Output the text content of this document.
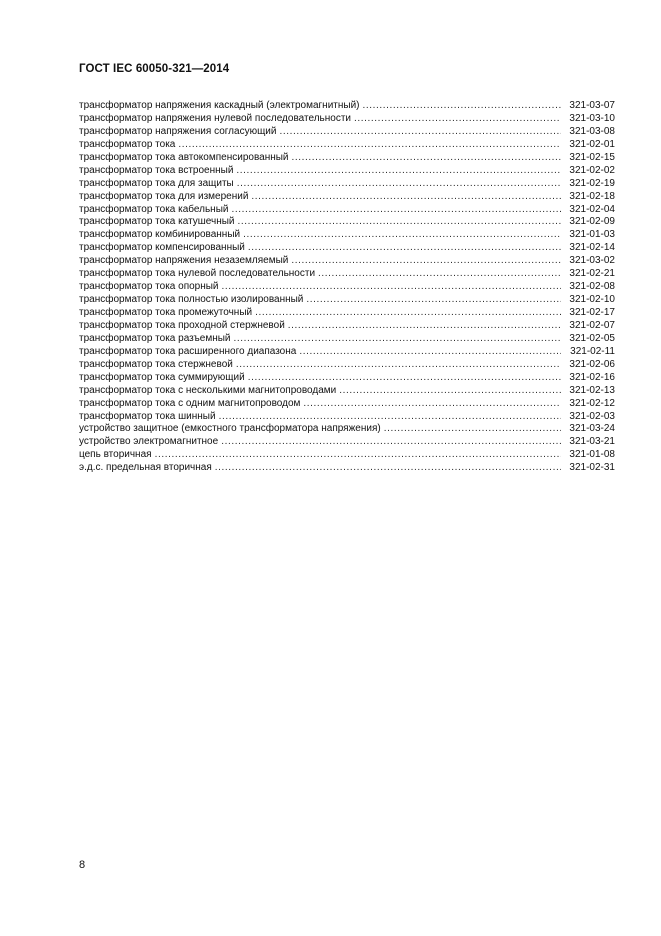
ГОСТ IEC 60050-321—2014
трансформатор напряжения каскадный (электромагнитный) .....	321-03-07
трансформатор напряжения нулевой последовательности .....	321-03-10
трансформатор напряжения согласующий .....	321-03-08
трансформатор тока .....	321-02-01
трансформатор тока автокомпенсированный .....	321-02-15
трансформатор тока встроенный .....	321-02-02
трансформатор тока для защиты .....	321-02-19
трансформатор тока для измерений .....	321-02-18
трансформатор тока кабельный .....	321-02-04
трансформатор тока катушечный .....	321-02-09
трансформатор комбинированный .....	321-01-03
трансформатор компенсированный .....	321-02-14
трансформатор напряжения незаземляемый .....	321-03-02
трансформатор тока нулевой последовательности .....	321-02-21
трансформатор тока опорный .....	321-02-08
трансформатор тока полностью изолированный .....	321-02-10
трансформатор тока промежуточный .....	321-02-17
трансформатор тока проходной стержневой .....	321-02-07
трансформатор тока разъемный .....	321-02-05
трансформатор тока расширенного диапазона .....	321-02-11
трансформатор тока стержневой .....	321-02-06
трансформатор тока суммирующий .....	321-02-16
трансформатор тока с несколькими магнитопроводами .....	321-02-13
трансформатор тока с одним магнитопроводом .....	321-02-12
трансформатор тока шинный .....	321-02-03
устройство защитное (емкостного трансформатора напряжения) .....	321-03-24
устройство электромагнитное .....	321-03-21
цепь вторичная .....	321-01-08
э.д.с. предельная вторичная .....	321-02-31
8
